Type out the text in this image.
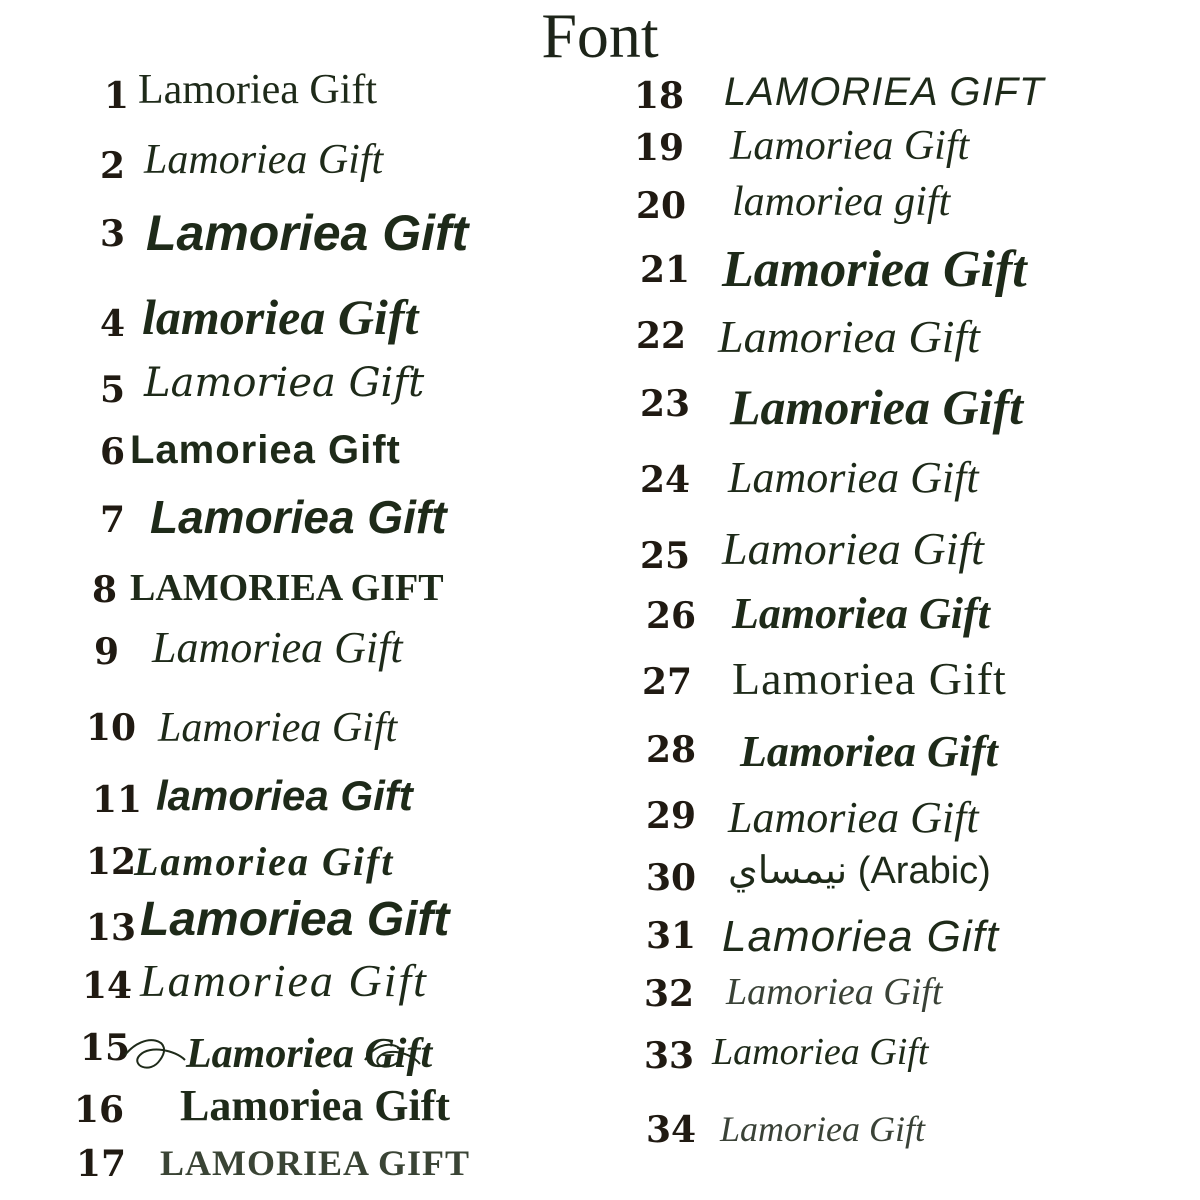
Font
1 Lamoriea Gift
2 Lamoriea Gift
3 Lamoriea Gift
4 lamoriea Gift
5 Lamoriea Gift
6 Lamoriea Gift
7 Lamoriea Gift
8 LAMORIEA GIFT
9 Lamoriea Gift
10 Lamoriea Gift
11 lamoriea Gift
12
Lamoriea Gift
13 Lamoriea Gift
14 Lamoriea Gift
15 Lamoriea Gift
16 Lamoriea Gift
17 LAMORIEA GIFT
18 LAMORIEA GIFT
19 Lamoriea Gift
20 lamoriea gift
21 Lamoriea Gift
22 Lamoriea Gift
23 Lamoriea Gift
24 Lamoriea Gift
25 Lamoriea Gift
26 Lamoriea Gift
27 Lamoriea Gift
28 Lamoriea Gift
29 Lamoriea Gift
30 نيمساي (Arabic)
31 Lamoriea Gift
32 Lamoriea Gift
33 Lamoriea Gift
34 Lamoriea Gift
